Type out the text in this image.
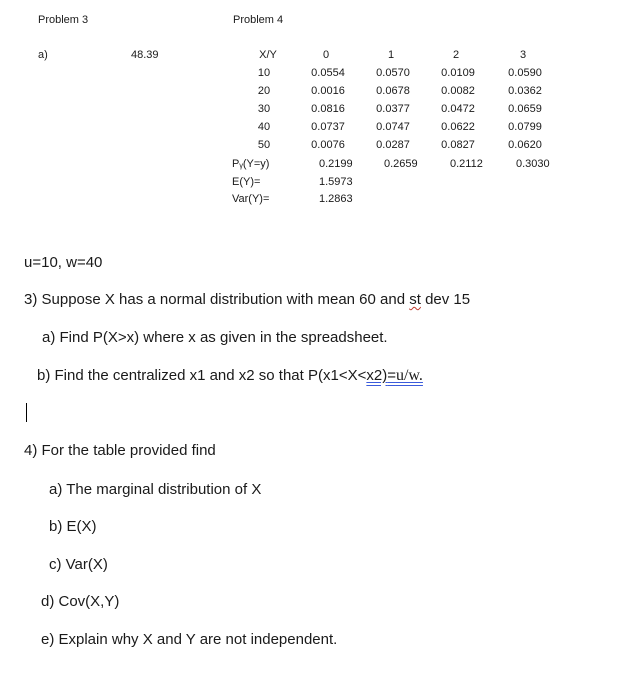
Problem 3	Problem 4
a)	48.39	X/Y	0	1	2	3
10	0.0554	0.0570	0.0109	0.0590
20	0.0016	0.0678	0.0082	0.0362
30	0.0816	0.0377	0.0472	0.0659
40	0.0737	0.0747	0.0622	0.0799
50	0.0076	0.0287	0.0827	0.0620
Pᵧ(Y=y)	0.2199	0.2659	0.2112	0.3030
E(Y)=	1.5973
Var(Y)=	1.2863
u=10, w=40
3) Suppose X has a normal distribution with mean 60 and st dev 15
a) Find P(X>x) where x as given in the spreadsheet.
b) Find the centralized x1 and x2 so that P(x1<X<x2)=u/w.
4) For the table provided find
a) The marginal distribution of X
b) E(X)
c) Var(X)
d) Cov(X,Y)
e) Explain why X and Y are not independent.
